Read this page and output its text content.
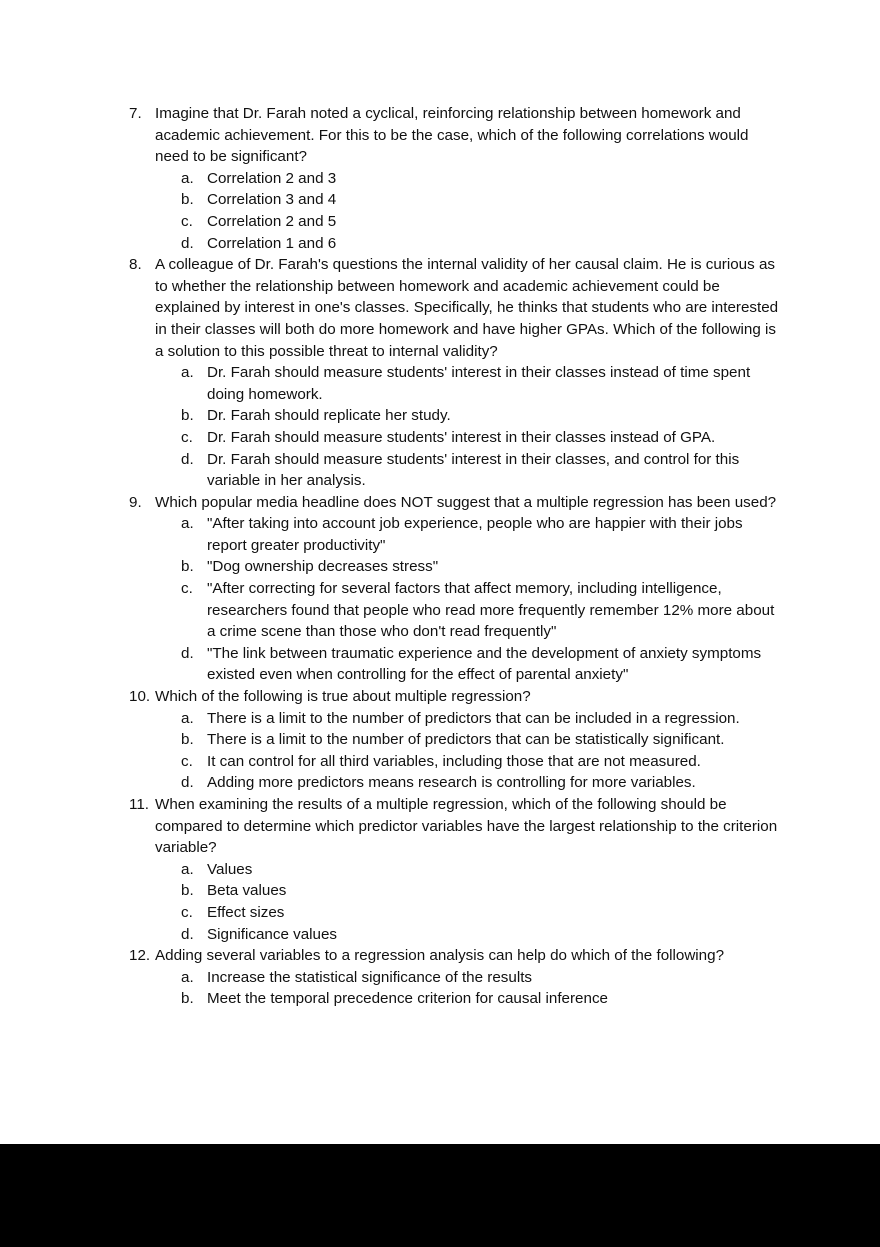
7. Imagine that Dr. Farah noted a cyclical, reinforcing relationship between homework and academic achievement. For this to be the case, which of the following correlations would need to be significant?
a. Correlation 2 and 3
b. Correlation 3 and 4
c. Correlation 2 and 5
d. Correlation 1 and 6
8. A colleague of Dr. Farah's questions the internal validity of her causal claim. He is curious as to whether the relationship between homework and academic achievement could be explained by interest in one's classes. Specifically, he thinks that students who are interested in their classes will both do more homework and have higher GPAs. Which of the following is a solution to this possible threat to internal validity?
a. Dr. Farah should measure students' interest in their classes instead of time spent doing homework.
b. Dr. Farah should replicate her study.
c. Dr. Farah should measure students' interest in their classes instead of GPA.
d. Dr. Farah should measure students' interest in their classes, and control for this variable in her analysis.
9. Which popular media headline does NOT suggest that a multiple regression has been used?
a. "After taking into account job experience, people who are happier with their jobs report greater productivity"
b. "Dog ownership decreases stress"
c. "After correcting for several factors that affect memory, including intelligence, researchers found that people who read more frequently remember 12% more about a crime scene than those who don't read frequently"
d. "The link between traumatic experience and the development of anxiety symptoms existed even when controlling for the effect of parental anxiety"
10. Which of the following is true about multiple regression?
a. There is a limit to the number of predictors that can be included in a regression.
b. There is a limit to the number of predictors that can be statistically significant.
c. It can control for all third variables, including those that are not measured.
d. Adding more predictors means research is controlling for more variables.
11. When examining the results of a multiple regression, which of the following should be compared to determine which predictor variables have the largest relationship to the criterion variable?
a. Values
b. Beta values
c. Effect sizes
d. Significance values
12. Adding several variables to a regression analysis can help do which of the following?
a. Increase the statistical significance of the results
b. Meet the temporal precedence criterion for causal inference
